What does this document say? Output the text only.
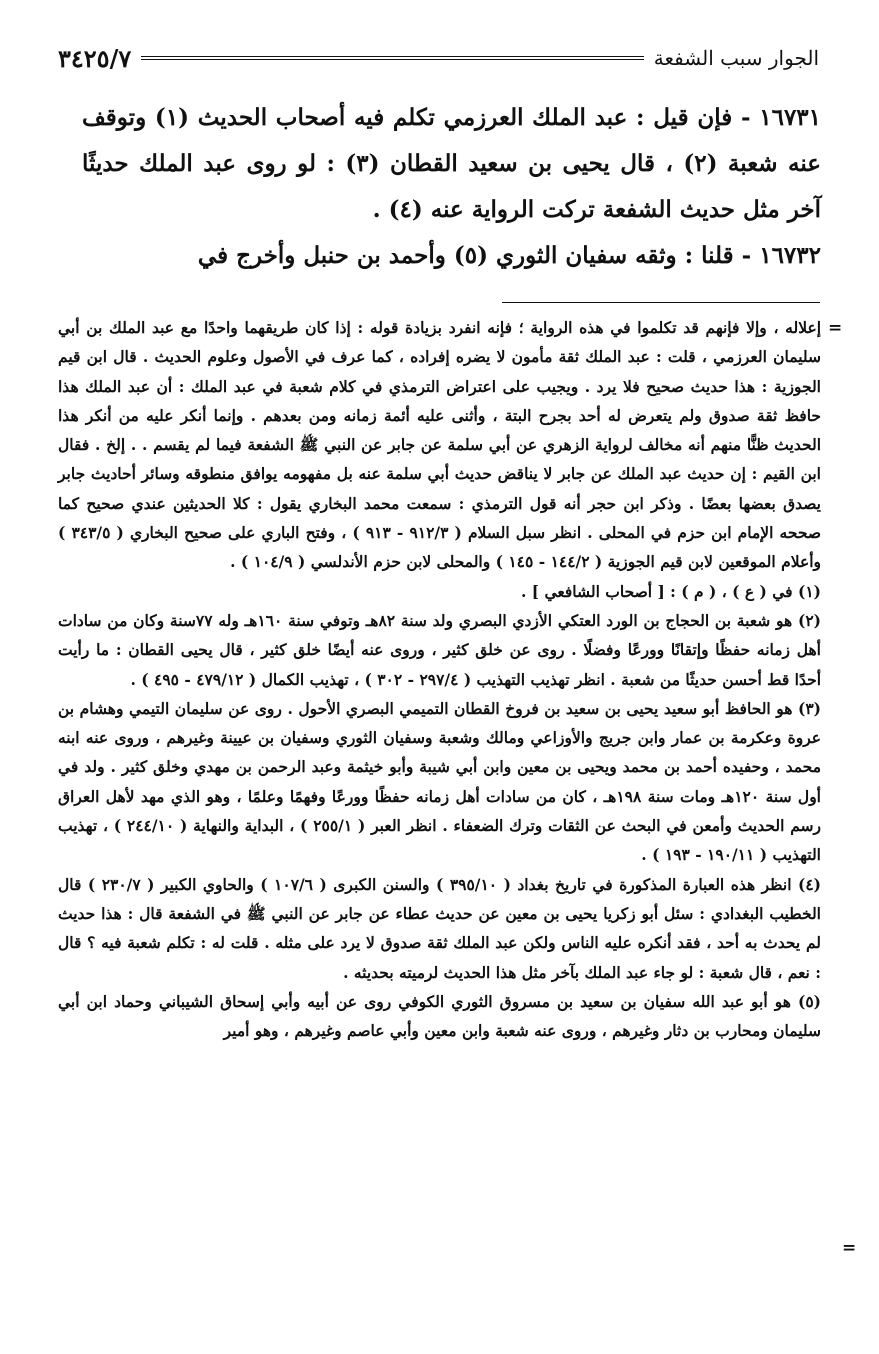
٣٤٢٥/٧	الجوار سبب الشفعة

١٦٧٣١ - فإن قيل : عبد الملك العرزمي تكلم فيه أصحاب الحديث (١) وتوقف عنه شعبة (٢) ، قال يحيى بن سعيد القطان (٣) : لو روى عبد الملك حديثًا آخر مثل حديث الشفعة تركت الرواية عنه (٤) .

١٦٧٣٢ - قلنا : وثقه سفيان الثوري (٥) وأحمد بن حنبل وأخرج في

=

إعلاله ، وإلا فإنهم قد تكلموا في هذه الرواية ؛ فإنه انفرد بزيادة قوله : إذا كان طريقهما واحدًا مع عبد الملك بن أبي سليمان العرزمي ، قلت : عبد الملك ثقة مأمون لا يضره إفراده ، كما عرف في الأصول وعلوم الحديث . قال ابن قيم الجوزية : هذا حديث صحيح فلا يرد . ويجيب على اعتراض الترمذي في كلام شعبة في عبد الملك : أن عبد الملك هذا حافظ ثقة صدوق ولم يتعرض له أحد بجرح البتة ، وأثنى عليه أئمة زمانه ومن بعدهم . وإنما أنكر عليه من أنكر هذا الحديث ظنًّا منهم أنه مخالف لرواية الزهري عن أبي سلمة عن جابر عن النبي ﷺ الشفعة فيما لم يقسم . . إلخ . فقال ابن القيم : إن حديث عبد الملك عن جابر لا يناقض حديث أبي سلمة عنه بل مفهومه يوافق منطوقه وسائر أحاديث جابر يصدق بعضها بعضًا . وذكر ابن حجر أنه قول الترمذي : سمعت محمد البخاري يقول : كلا الحديثين عندي صحيح كما صححه الإمام ابن حزم في المحلى . انظر سبل السلام ( ٩١٢/٣ - ٩١٣ ) ، وفتح الباري على صحيح البخاري ( ٣٤٣/٥ ) وأعلام الموقعين لابن قيم الجوزية ( ١٤٤/٢ - ١٤٥ ) والمحلى لابن حزم الأندلسي ( ١٠٤/٩ ) .

(١) في ( ع ) ، ( م ) : [ أصحاب الشافعي ] .

(٢) هو شعبة بن الحجاج بن الورد العتكي الأزدي البصري ولد سنة ٨٢هـ وتوفي سنة ١٦٠هـ وله ٧٧سنة وكان من سادات أهل زمانه حفظًا وإتقانًا وورعًا وفضلًا . روى عن خلق كثير ، وروى عنه أيضًا خلق كثير ، قال يحيى القطان : ما رأيت أحدًا قط أحسن حديثًا من شعبة . انظر تهذيب التهذيب ( ٢٩٧/٤ - ٣٠٢ ) ، تهذيب الكمال ( ٤٧٩/١٢ - ٤٩٥ ) .

(٣) هو الحافظ أبو سعيد يحيى بن سعيد بن فروخ القطان التميمي البصري الأحول . روى عن سليمان التيمي وهشام بن عروة وعكرمة بن عمار وابن جريج والأوزاعي ومالك وشعبة وسفيان الثوري وسفيان بن عيينة وغيرهم ، وروى عنه ابنه محمد ، وحفيده أحمد بن محمد ويحيى بن معين وابن أبي شيبة وأبو خيثمة وعبد الرحمن بن مهدي وخلق كثير . ولد في أول سنة ١٢٠هـ ومات سنة ١٩٨هـ ، كان من سادات أهل زمانه حفظًا وورعًا وفهمًا وعلمًا ، وهو الذي مهد لأهل العراق رسم الحديث وأمعن في البحث عن الثقات وترك الضعفاء . انظر العبر ( ٢٥٥/١ ) ، البداية والنهاية ( ٢٤٤/١٠ ) ، تهذيب التهذيب ( ١٩٠/١١ - ١٩٣ ) .

(٤) انظر هذه العبارة المذكورة في تاريخ بغداد ( ٣٩٥/١٠ ) والسنن الكبرى ( ١٠٧/٦ ) والحاوي الكبير ( ٢٣٠/٧ ) قال الخطيب البغدادي : سئل أبو زكريا يحيى بن معين عن حديث عطاء عن جابر عن النبي ﷺ في الشفعة قال : هذا حديث لم يحدث به أحد ، فقد أنكره عليه الناس ولكن عبد الملك ثقة صدوق لا يرد على مثله . قلت له : تكلم شعبة فيه ؟ قال : نعم ، قال شعبة : لو جاء عبد الملك بآخر مثل هذا الحديث لرميته بحديثه .

(٥) هو أبو عبد الله سفيان بن سعيد بن مسروق الثوري الكوفي روى عن أبيه وأبي إسحاق الشيباني وحماد ابن أبي سليمان ومحارب بن دثار وغيرهم ، وروى عنه شعبة وابن معين وأبي عاصم وغيرهم ، وهو أمير

=
